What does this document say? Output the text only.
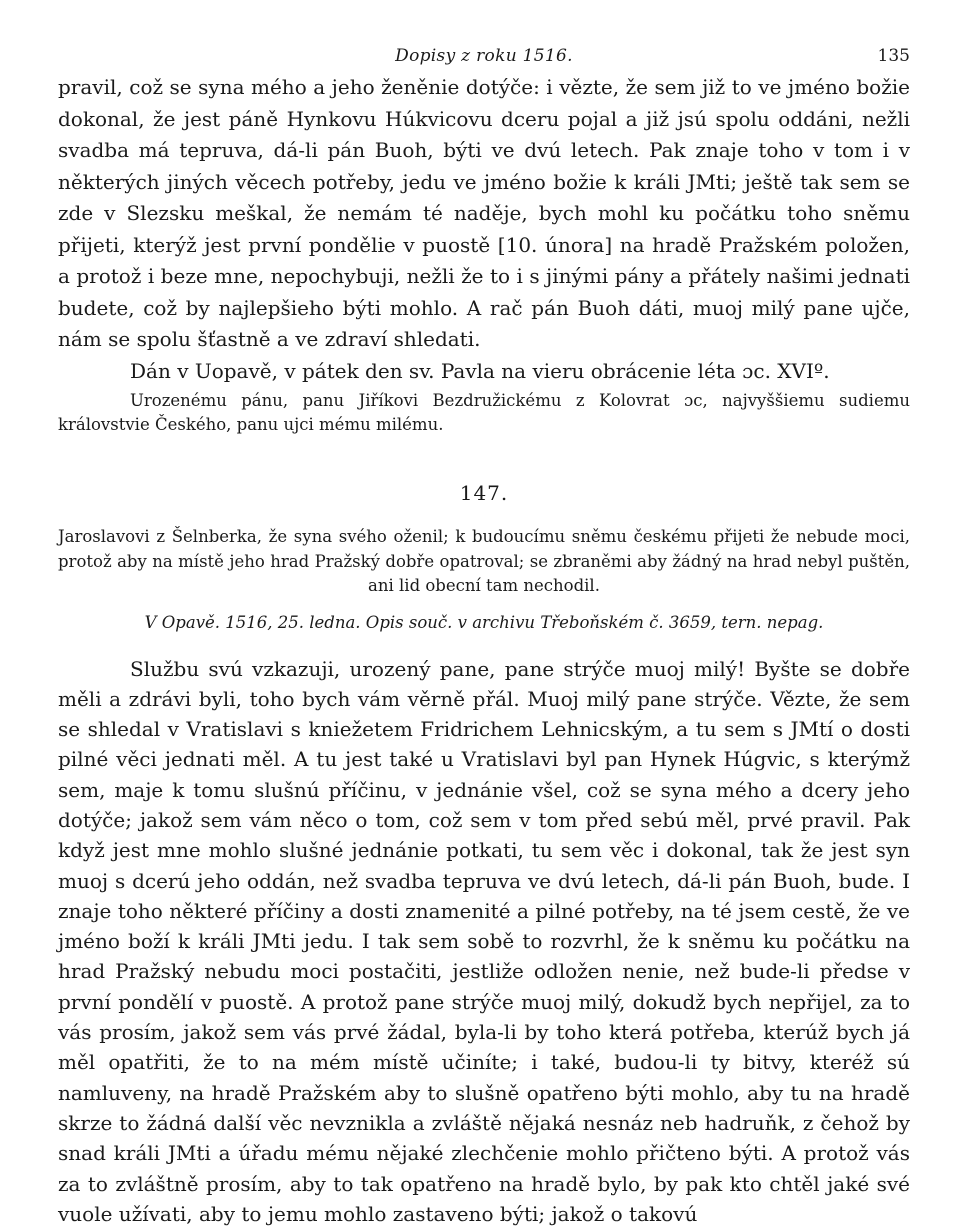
Dopisy z roku 1516.	135

pravil, což se syna mého a jeho ženěnie dotýče: i vězte, že sem již to ve jméno božie dokonal, že jest páně Hynkovu Húkvicovu dceru pojal a již jsú spolu oddáni, nežli svadba má tepruva, dá-li pán Buoh, býti ve dvú letech. Pak znaje toho v tom i v některých jiných věcech potřeby, jedu ve jméno božie k králi JMti; ještě tak sem se zde v Slezsku meškal, že nemám té naděje, bych mohl ku počátku toho sněmu přijeti, kterýž jest první pondělie v puostě [10. února] na hradě Pražském položen, a protož i beze mne, nepochybuji, nežli že to i s jinými pány a přátely našimi jednati budete, což by najlepšieho býti mohlo. A rač pán Buoh dáti, muoj milý pane ujče, nám se spolu šťastně a ve zdraví shledati.

Dán v Uopavě, v pátek den sv. Pavla na vieru obrácenie léta ɔc. XVIº.

Urozenému pánu, panu Jiříkovi Bezdružickému z Kolovrat ɔc, najvyššiemu sudiemu královstvie Českého, panu ujci mému milému.

147.

Jaroslavovi z Šelnberka, že syna svého oženil; k budoucímu sněmu českému přijeti že nebude moci, protož aby na místě jeho hrad Pražský dobře opatroval; se zbraněmi aby žádný na hrad nebyl puštěn, ani lid obecní tam nechodil.

V Opavě. 1516, 25. ledna. Opis souč. v archivu Třeboňském č. 3659, tern. nepag.

Službu svú vzkazuji, urozený pane, pane strýče muoj milý! Byšte se dobře měli a zdrávi byli, toho bych vám věrně přál. Muoj milý pane strýče. Vězte, že sem se shledal v Vratislavi s kniežetem Fridrichem Lehnicským, a tu sem s JMtí o dosti pilné věci jednati měl. A tu jest také u Vratislavi byl pan Hynek Húgvic, s kterýmž sem, maje k tomu slušnú příčinu, v jednánie všel, což se syna mého a dcery jeho dotýče; jakož sem vám něco o tom, což sem v tom před sebú měl, prvé pravil. Pak když jest mne mohlo slušné jednánie potkati, tu sem věc i dokonal, tak že jest syn muoj s dcerú jeho oddán, než svadba tepruva ve dvú letech, dá-li pán Buoh, bude. I znaje toho některé příčiny a dosti znamenité a pilné potřeby, na té jsem cestě, že ve jméno boží k králi JMti jedu. I tak sem sobě to rozvrhl, že k sněmu ku počátku na hrad Pražský nebudu moci postačiti, jestliže odložen nenie, než bude-li předse v první pondělí v puostě. A protož pane strýče muoj milý, dokudž bych nepřijel, za to vás prosím, jakož sem vás prvé žádal, byla-li by toho která potřeba, kterúž bych já měl opatřiti, že to na mém místě učiníte; i také, budou-li ty bitvy, kteréž sú namluveny, na hradě Pražském aby to slušně opatřeno býti mohlo, aby tu na hradě skrze to žádná další věc nevznikla a zvláště nějaká nesnáz neb hadruňk, z čehož by snad králi JMti a úřadu mému nějaké zlechčenie mohlo přičteno býti. A protož vás za to zvláštně prosím, aby to tak opatřeno na hradě bylo, by pak kto chtěl jaké své vuole užívati, aby to jemu mohlo zastaveno býti; jakož o takovú
